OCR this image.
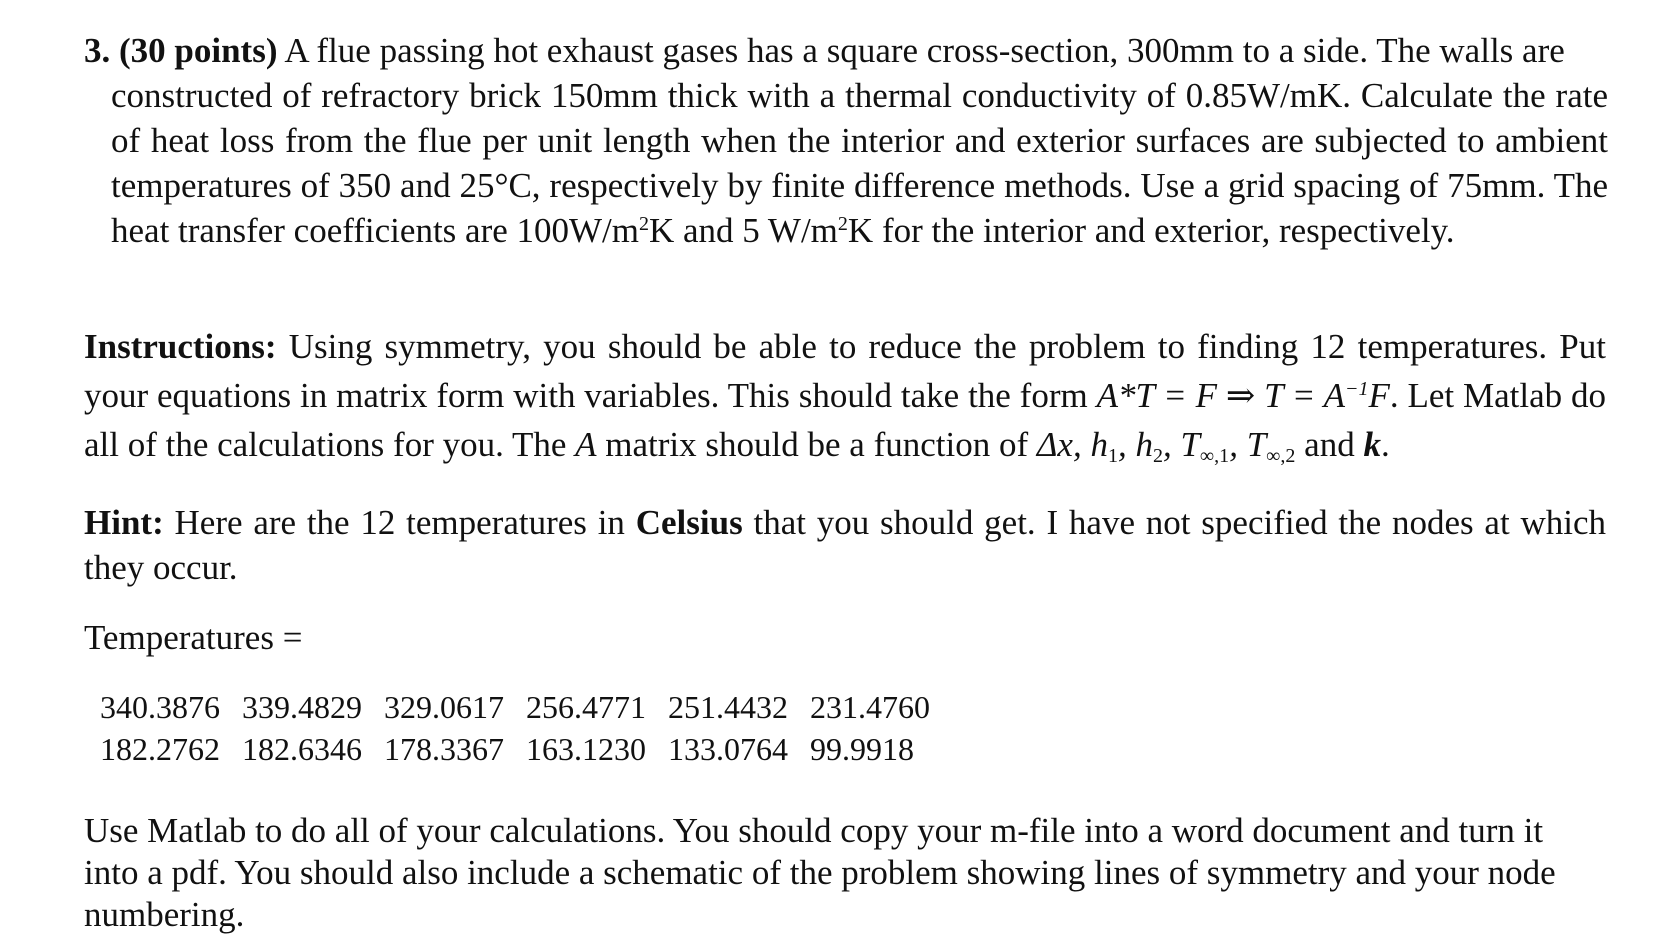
3. (30 points) A flue passing hot exhaust gases has a square cross-section, 300mm to a side. The walls are
constructed of refractory brick 150mm thick with a thermal conductivity of 0.85W/mK. Calculate the rate of heat loss from the flue per unit length when the interior and exterior surfaces are subjected to ambient temperatures of 350 and 25°C, respectively by finite difference methods. Use a grid spacing of 75mm. The heat transfer coefficients are $100W/m^2K$ and 5 $W/m^2K$ for the interior and exterior, respectively.
Instructions: Using symmetry, you should be able to reduce the problem to finding 12 temperatures. Put your equations in matrix form with variables. This should take the form A*T = F ⇒ $T = A^{-1}F$. Let Matlab do all of the calculations for you. The A matrix should be a function of Δx, $h_1$, $h_2$, $T_{\infty,1}$, $T_{\infty,2}$ and k.
Hint: Here are the 12 temperatures in Celsius that you should get. I have not specified the nodes at which they occur.
Temperatures =
340.3876 339.4829 329.0617 256.4771 251.4432 231.4760
182.2762 182.6346 178.3367 163.1230 133.0764 99.9918
Use Matlab to do all of your calculations. You should copy your m-file into a word document and turn it into a pdf. You should also include a schematic of the problem showing lines of symmetry and your node numbering.
